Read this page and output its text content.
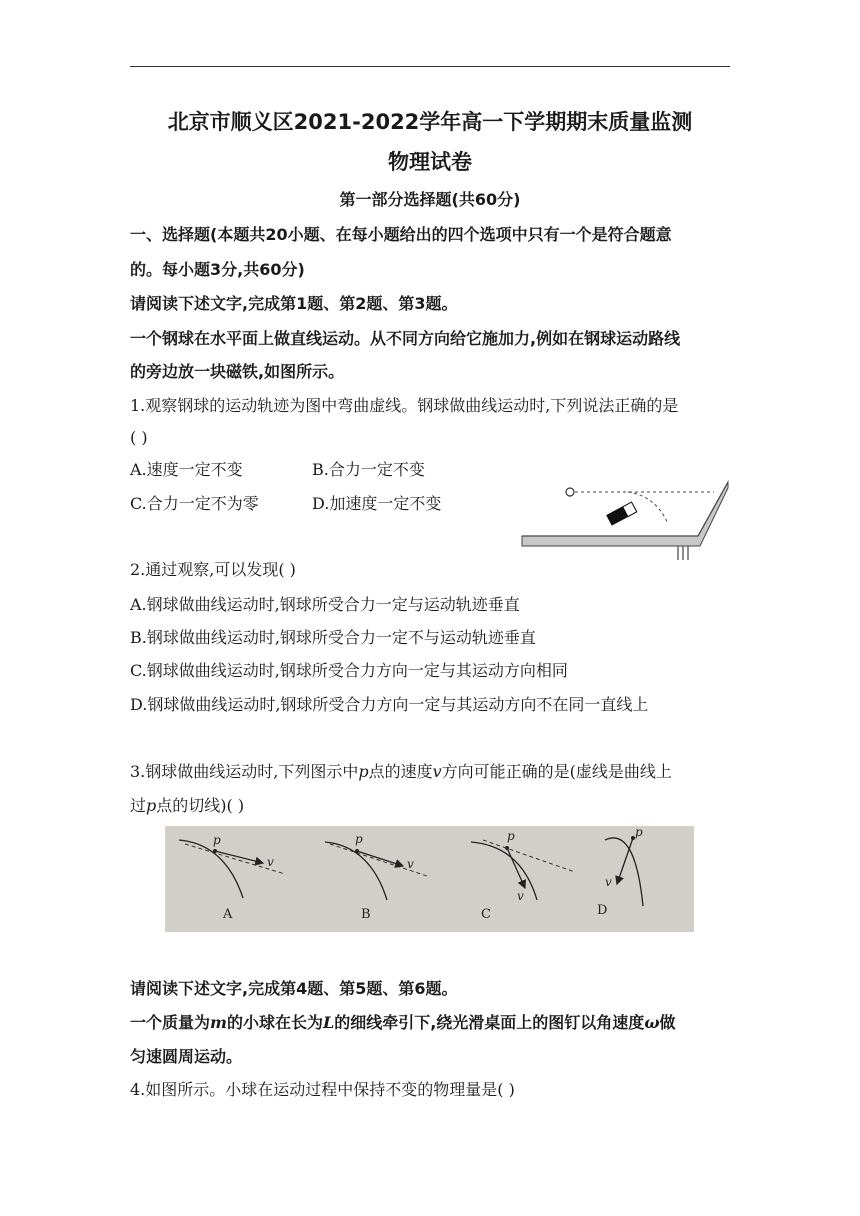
北京市顺义区2021-2022学年高一下学期期末质量监测
物理试卷

第一部分选择题(共60分)

一、选择题(本题共20小题、在每小题给出的四个选项中只有一个是符合题意

的。每小题3分,共60分)

请阅读下述文字,完成第1题、第2题、第3题。

一个钢球在水平面上做直线运动。从不同方向给它施加力,例如在钢球运动路线

的旁边放一块磁铁,如图所示。

1.观察钢球的运动轨迹为图中弯曲虚线。钢球做曲线运动时,下列说法正确的是

( )

A.速度一定不变	B.合力一定不变
C.合力一定不为零	D.加速度一定不变

2.通过观察,可以发现( )

A.钢球做曲线运动时,钢球所受合力一定与运动轨迹垂直

B.钢球做曲线运动时,钢球所受合力一定不与运动轨迹垂直

C.钢球做曲线运动时,钢球所受合力方向一定与其运动方向相同

D.钢球做曲线运动时,钢球所受合力方向一定与其运动方向不在同一直线上

3.钢球做曲线运动时,下列图示中p点的速度v方向可能正确的是(虚线是曲线上

过p点的切线)( )

p
v
A
p
v
B
p
v
C
p
v
D

请阅读下述文字,完成第4题、第5题、第6题。

一个质量为m的小球在长为L的细线牵引下,绕光滑桌面上的图钉以角速度ω做

匀速圆周运动。

4.如图所示。小球在运动过程中保持不变的物理量是( )
